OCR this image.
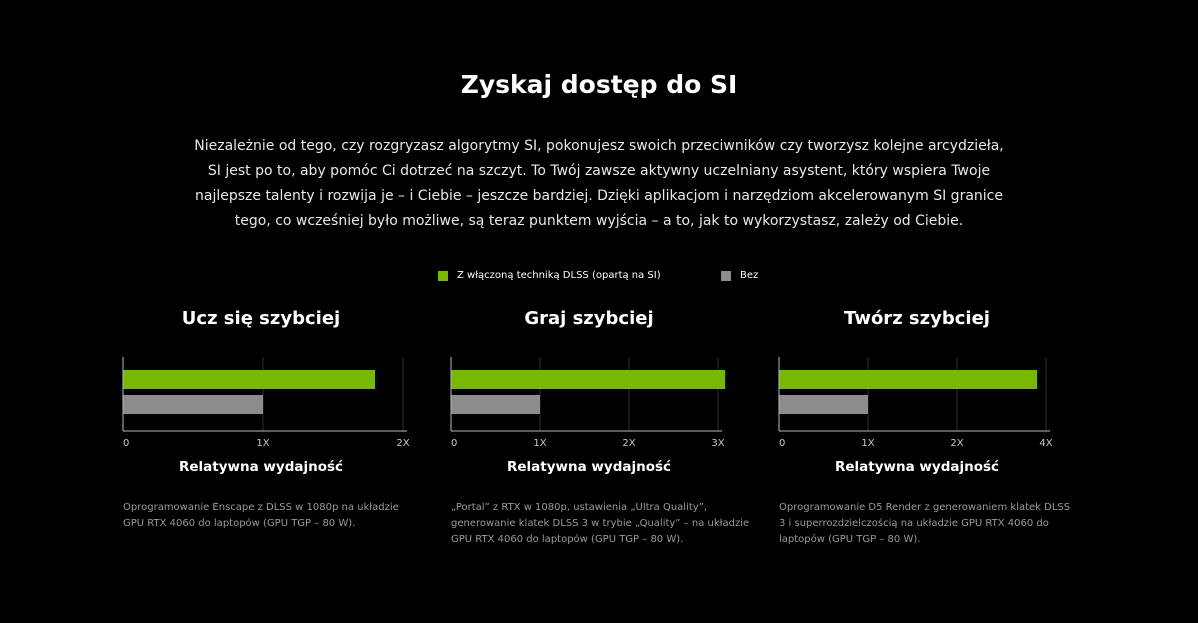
Zyskaj dostęp do SI

Niezależnie od tego, czy rozgryzasz algorytmy SI, pokonujesz swoich przeciwników czy tworzysz kolejne arcydzieła, SI jest po to, aby pomóc Ci dotrzeć na szczyt. To Twój zawsze aktywny uczelniany asystent, który wspiera Twoje najlepsze talenty i rozwija je – i Ciebie – jeszcze bardziej. Dzięki aplikacjom i narzędziom akcelerowanym SI granice tego, co wcześniej było możliwe, są teraz punktem wyjścia – a to, jak to wykorzystasz, zależy od Ciebie.

Z włączoną techniką DLSS (opartą na SI)	Bez
Ucz się szybciej
0	1X	2X
Relatywna wydajność
Oprogramowanie Enscape z DLSS w 1080p na układzie GPU RTX 4060 do laptopów (GPU TGP – 80 W).
Graj szybciej
0	1X	2X	3X
Relatywna wydajność
„Portal” z RTX w 1080p, ustawienia „Ultra Quality”, generowanie klatek DLSS 3 w trybie „Quality” – na układzie GPU RTX 4060 do laptopów (GPU TGP – 80 W).
Twórz szybciej
0	1X	2X	4X
Relatywna wydajność
Oprogramowanie D5 Render z generowaniem klatek DLSS 3 i superrozdzielczością na układzie GPU RTX 4060 do laptopów (GPU TGP – 80 W).
